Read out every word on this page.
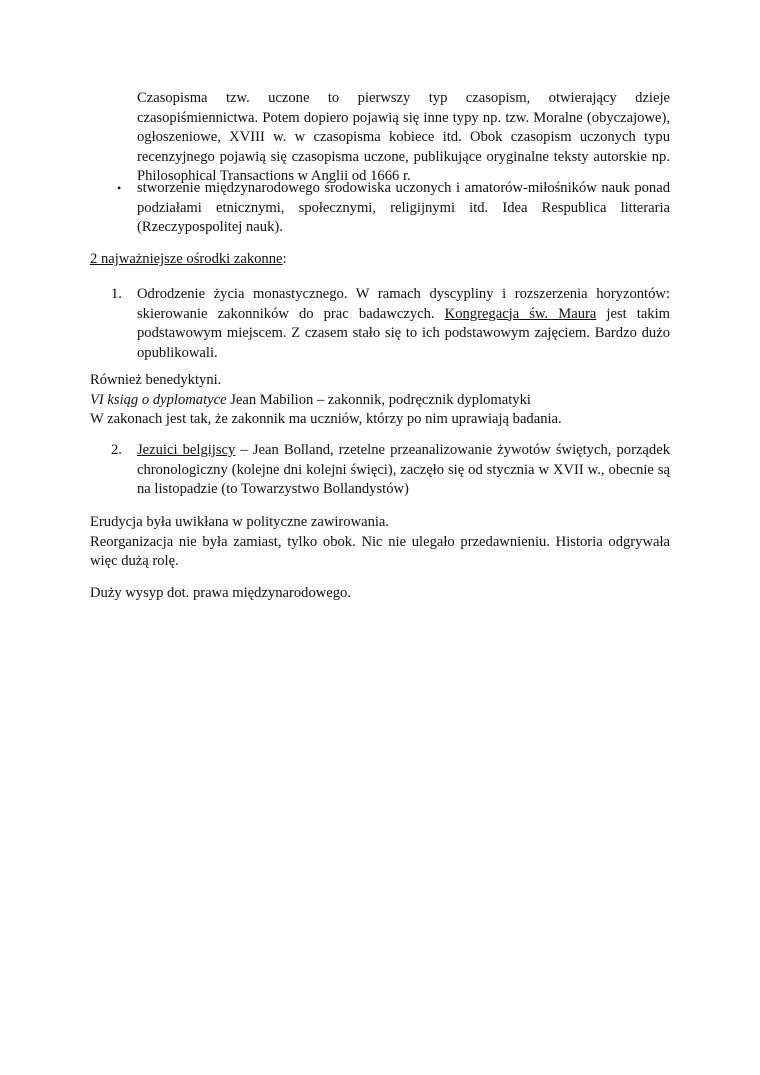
Czasopisma tzw. uczone to pierwszy typ czasopism, otwierający dzieje czasopiśmiennictwa. Potem dopiero pojawią się inne typy np. tzw. Moralne (obyczajowe), ogłoszeniowe, XVIII w. w czasopisma kobiece itd. Obok czasopism uczonych typu recenzyjnego pojawią się czasopisma uczone, publikujące oryginalne teksty autorskie np. Philosophical Transactions w Anglii od 1666 r.

• stworzenie międzynarodowego środowiska uczonych i amatorów-miłośników nauk ponad podziałami etnicznymi, społecznymi, religijnymi itd. Idea Respublica litteraria (Rzeczypospolitej nauk).

2 najważniejsze ośrodki zakonne:

1. Odrodzenie życia monastycznego. W ramach dyscypliny i rozszerzenia horyzontów: skierowanie zakonników do prac badawczych. Kongregacja św. Maura jest takim podstawowym miejscem. Z czasem stało się to ich podstawowym zajęciem. Bardzo dużo opublikowali.

Również benedyktyni.

VI ksiąg o dyplomatyce Jean Mabilion – zakonnik, podręcznik dyplomatyki

W zakonach jest tak, że zakonnik ma uczniów, którzy po nim uprawiają badania.

2. Jezuici belgijscy – Jean Bolland, rzetelne przeanalizowanie żywotów świętych, porządek chronologiczny (kolejne dni kolejni święci), zaczęło się od stycznia w XVII w., obecnie są na listopadzie (to Towarzystwo Bollandystów)

Erudycja była uwikłana w polityczne zawirowania.

Reorganizacja nie była zamiast, tylko obok. Nic nie ulegało przedawnieniu. Historia odgrywała więc dużą rolę.

Duży wysyp dot. prawa międzynarodowego.
